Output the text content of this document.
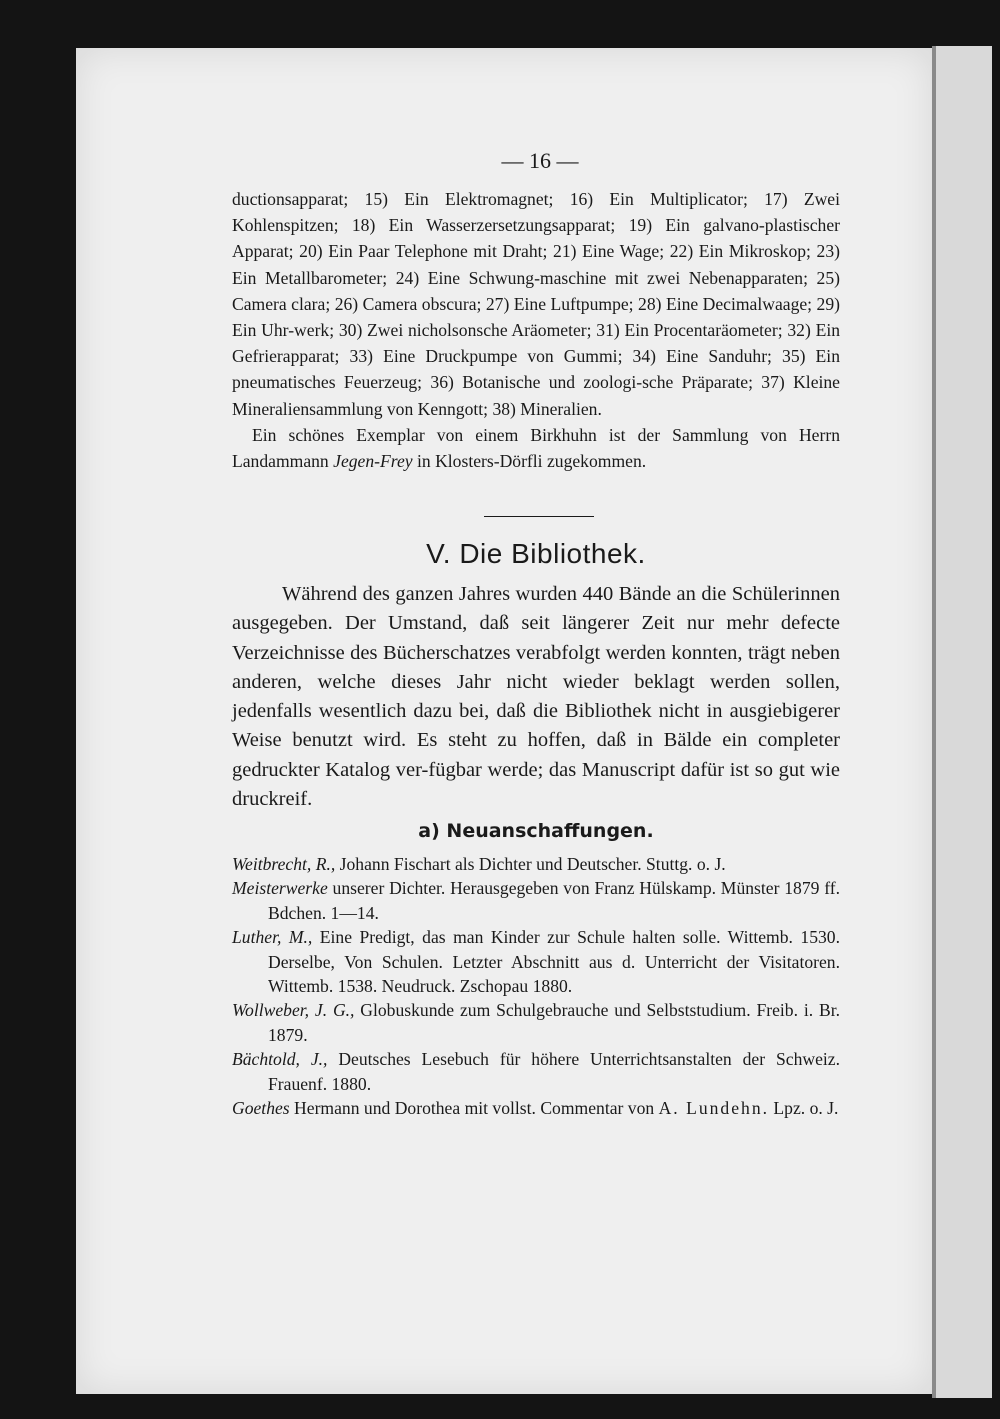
— 16 —

ductionsapparat; 15) Ein Elektromagnet; 16) Ein Multiplicator; 17) Zwei Kohlenspitzen; 18) Ein Wasserzersetzungsapparat; 19) Ein galvano-plastischer Apparat; 20) Ein Paar Telephone mit Draht; 21) Eine Wage; 22) Ein Mikroskop; 23) Ein Metallbarometer; 24) Eine Schwung-maschine mit zwei Nebenapparaten; 25) Camera clara; 26) Camera obscura; 27) Eine Luftpumpe; 28) Eine Decimalwaage; 29) Ein Uhr-werk; 30) Zwei nicholsonsche Aräometer; 31) Ein Procentaräometer; 32) Ein Gefrierapparat; 33) Eine Druckpumpe von Gummi; 34) Eine Sanduhr; 35) Ein pneumatisches Feuerzeug; 36) Botanische und zoologi-sche Präparate; 37) Kleine Mineraliensammlung von Kenngott; 38) Mineralien.

Ein schönes Exemplar von einem Birkhuhn ist der Sammlung von Herrn Landammann Jegen-Frey in Klosters-Dörfli zugekommen.

V. Die Bibliothek.

Während des ganzen Jahres wurden 440 Bände an die Schülerinnen ausgegeben. Der Umstand, daß seit längerer Zeit nur mehr defecte Verzeichnisse des Bücherschatzes verabfolgt werden konnten, trägt neben anderen, welche dieses Jahr nicht wieder beklagt werden sollen, jedenfalls wesentlich dazu bei, daß die Bibliothek nicht in ausgiebigerer Weise benutzt wird. Es steht zu hoffen, daß in Bälde ein completer gedruckter Katalog ver-fügbar werde; das Manuscript dafür ist so gut wie druckreif.

a) Neuanschaffungen.
Weitbrecht, R., Johann Fischart als Dichter und Deutscher. Stuttg. o. J.
Meisterwerke unserer Dichter. Herausgegeben von Franz Hülskamp. Münster 1879 ff. Bdchen. 1—14.
Luther, M., Eine Predigt, das man Kinder zur Schule halten solle. Wittemb. 1530. Derselbe, Von Schulen. Letzter Abschnitt aus d. Unterricht der Visitatoren. Wittemb. 1538. Neudruck. Zschopau 1880.
Wollweber, J. G., Globuskunde zum Schulgebrauche und Selbststudium. Freib. i. Br. 1879.
Bächtold, J., Deutsches Lesebuch für höhere Unterrichtsanstalten der Schweiz. Frauenf. 1880.
Goethes Hermann und Dorothea mit vollst. Commentar von A. Lundehn. Lpz. o. J.
